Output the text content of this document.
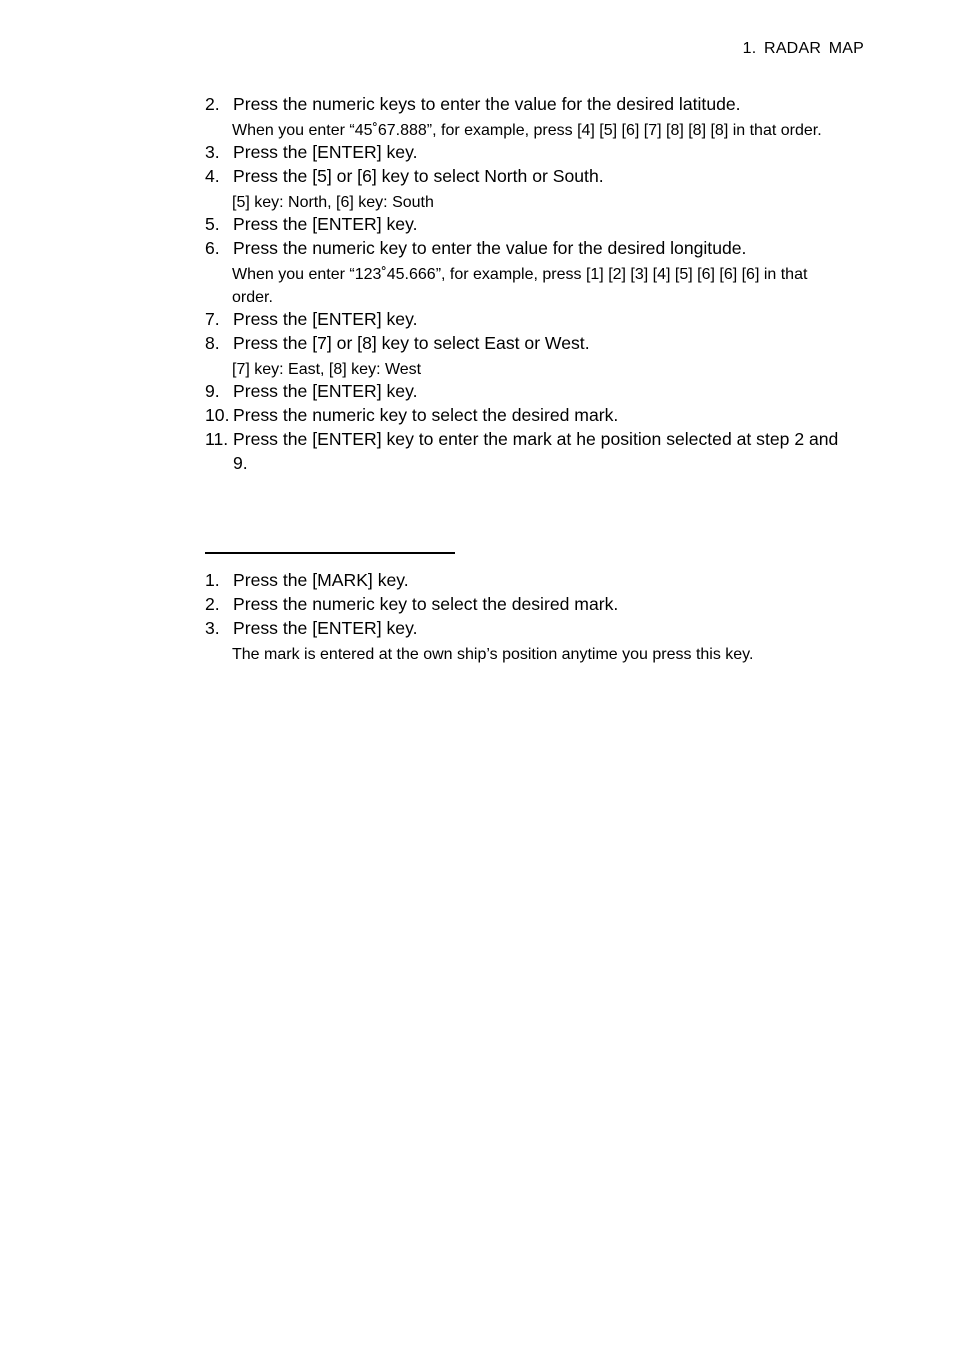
1. RADAR MAP
2. Press the numeric keys to enter the value for the desired latitude.
When you enter “45˚67.888”, for example, press [4] [5] [6] [7] [8] [8] [8] in that order.
3. Press the [ENTER] key.
4. Press the [5] or [6] key to select North or South.
[5] key: North, [6] key: South
5. Press the [ENTER] key.
6. Press the numeric key to enter the value for the desired longitude.
When you enter “123˚45.666”, for example, press [1] [2] [3] [4] [5] [6] [6] [6] in that order.
7. Press the [ENTER] key.
8. Press the [7] or [8] key to select East or West.
[7] key: East, [8] key: West
9. Press the [ENTER] key.
10. Press the numeric key to select the desired mark.
11. Press the [ENTER] key to enter the mark at he position selected at step 2 and 9.
1. Press the [MARK] key.
2. Press the numeric key to select the desired mark.
3. Press the [ENTER] key.
The mark is entered at the own ship’s position anytime you press this key.
